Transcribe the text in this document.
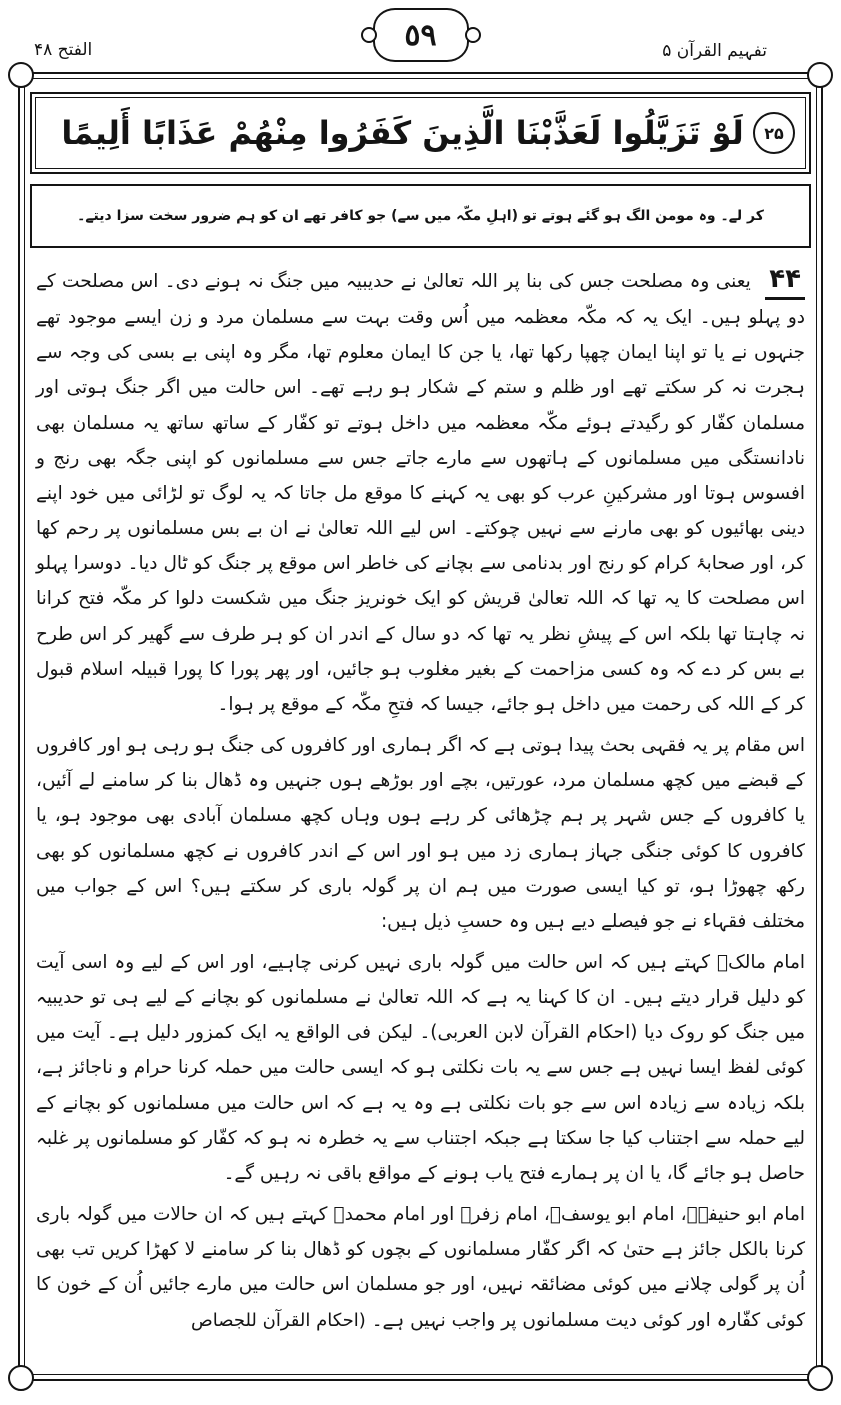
الفتح ۴۸	٥٩	تفہیم القرآن ۵
لَوْ تَزَيَّلُوا لَعَذَّبْنَا الَّذِينَ كَفَرُوا مِنْهُمْ عَذَابًا أَلِيمًا	۲۵
کر لے۔ وہ مومن الگ ہو گئے ہوتے تو (اہلِ مکّہ میں سے) جو کافر تھے ان کو ہم ضرور سخت سزا دیتے۔

۴۴ یعنی وہ مصلحت جس کی بنا پر اللہ تعالیٰ نے حدیبیہ میں جنگ نہ ہونے دی۔ اس مصلحت کے دو پہلو ہیں۔ ایک یہ کہ مکّہ معظمہ میں اُس وقت بہت سے مسلمان مرد و زن ایسے موجود تھے جنہوں نے یا تو اپنا ایمان چھپا رکھا تھا، یا جن کا ایمان معلوم تھا، مگر وہ اپنی بے بسی کی وجہ سے ہجرت نہ کر سکتے تھے اور ظلم و ستم کے شکار ہو رہے تھے۔ اس حالت میں اگر جنگ ہوتی اور مسلمان کفّار کو رگیدتے ہوئے مکّہ معظمہ میں داخل ہوتے تو کفّار کے ساتھ ساتھ یہ مسلمان بھی نادانستگی میں مسلمانوں کے ہاتھوں سے مارے جاتے جس سے مسلمانوں کو اپنی جگہ بھی رنج و افسوس ہوتا اور مشرکینِ عرب کو بھی یہ کہنے کا موقع مل جاتا کہ یہ لوگ تو لڑائی میں خود اپنے دینی بھائیوں کو بھی مارنے سے نہیں چوکتے۔ اس لیے اللہ تعالیٰ نے ان بے بس مسلمانوں پر رحم کھا کر، اور صحابۂ کرام کو رنج اور بدنامی سے بچانے کی خاطر اس موقع پر جنگ کو ٹال دیا۔ دوسرا پہلو اس مصلحت کا یہ تھا کہ اللہ تعالیٰ قریش کو ایک خونریز جنگ میں شکست دلوا کر مکّہ فتح کرانا نہ چاہتا تھا بلکہ اس کے پیشِ نظر یہ تھا کہ دو سال کے اندر ان کو ہر طرف سے گھیر کر اس طرح بے بس کر دے کہ وہ کسی مزاحمت کے بغیر مغلوب ہو جائیں، اور پھر پورا کا پورا قبیلہ اسلام قبول کر کے اللہ کی رحمت میں داخل ہو جائے، جیسا کہ فتحِ مکّہ کے موقع پر ہوا۔

اس مقام پر یہ فقہی بحث پیدا ہوتی ہے کہ اگر ہماری اور کافروں کی جنگ ہو رہی ہو اور کافروں کے قبضے میں کچھ مسلمان مرد، عورتیں، بچے اور بوڑھے ہوں جنہیں وہ ڈھال بنا کر سامنے لے آئیں، یا کافروں کے جس شہر پر ہم چڑھائی کر رہے ہوں وہاں کچھ مسلمان آبادی بھی موجود ہو، یا کافروں کا کوئی جنگی جہاز ہماری زد میں ہو اور اس کے اندر کافروں نے کچھ مسلمانوں کو بھی رکھ چھوڑا ہو، تو کیا ایسی صورت میں ہم ان پر گولہ باری کر سکتے ہیں؟ اس کے جواب میں مختلف فقہاء نے جو فیصلے دیے ہیں وہ حسبِ ذیل ہیں:

امام مالکؒ کہتے ہیں کہ اس حالت میں گولہ باری نہیں کرنی چاہیے، اور اس کے لیے وہ اسی آیت کو دلیل قرار دیتے ہیں۔ ان کا کہنا یہ ہے کہ اللہ تعالیٰ نے مسلمانوں کو بچانے کے لیے ہی تو حدیبیہ میں جنگ کو روک دیا (احکام القرآن لابن العربی)۔ لیکن فی الواقع یہ ایک کمزور دلیل ہے۔ آیت میں کوئی لفظ ایسا نہیں ہے جس سے یہ بات نکلتی ہو کہ ایسی حالت میں حملہ کرنا حرام و ناجائز ہے، بلکہ زیادہ سے زیادہ اس سے جو بات نکلتی ہے وہ یہ ہے کہ اس حالت میں مسلمانوں کو بچانے کے لیے حملہ سے اجتناب کیا جا سکتا ہے جبکہ اجتناب سے یہ خطرہ نہ ہو کہ کفّار کو مسلمانوں پر غلبہ حاصل ہو جائے گا، یا ان پر ہمارے فتح یاب ہونے کے مواقع باقی نہ رہیں گے۔

امام ابو حنیفہؒ، امام ابو یوسفؒ، امام زفرؒ اور امام محمدؒ کہتے ہیں کہ ان حالات میں گولہ باری کرنا بالکل جائز ہے حتیٰ کہ اگر کفّار مسلمانوں کے بچوں کو ڈھال بنا کر سامنے لا کھڑا کریں تب بھی اُن پر گولی چلانے میں کوئی مضائقہ نہیں، اور جو مسلمان اس حالت میں مارے جائیں اُن کے خون کا کوئی کفّارہ اور کوئی دیت مسلمانوں پر واجب نہیں ہے۔ (احکام القرآن للجصاص
